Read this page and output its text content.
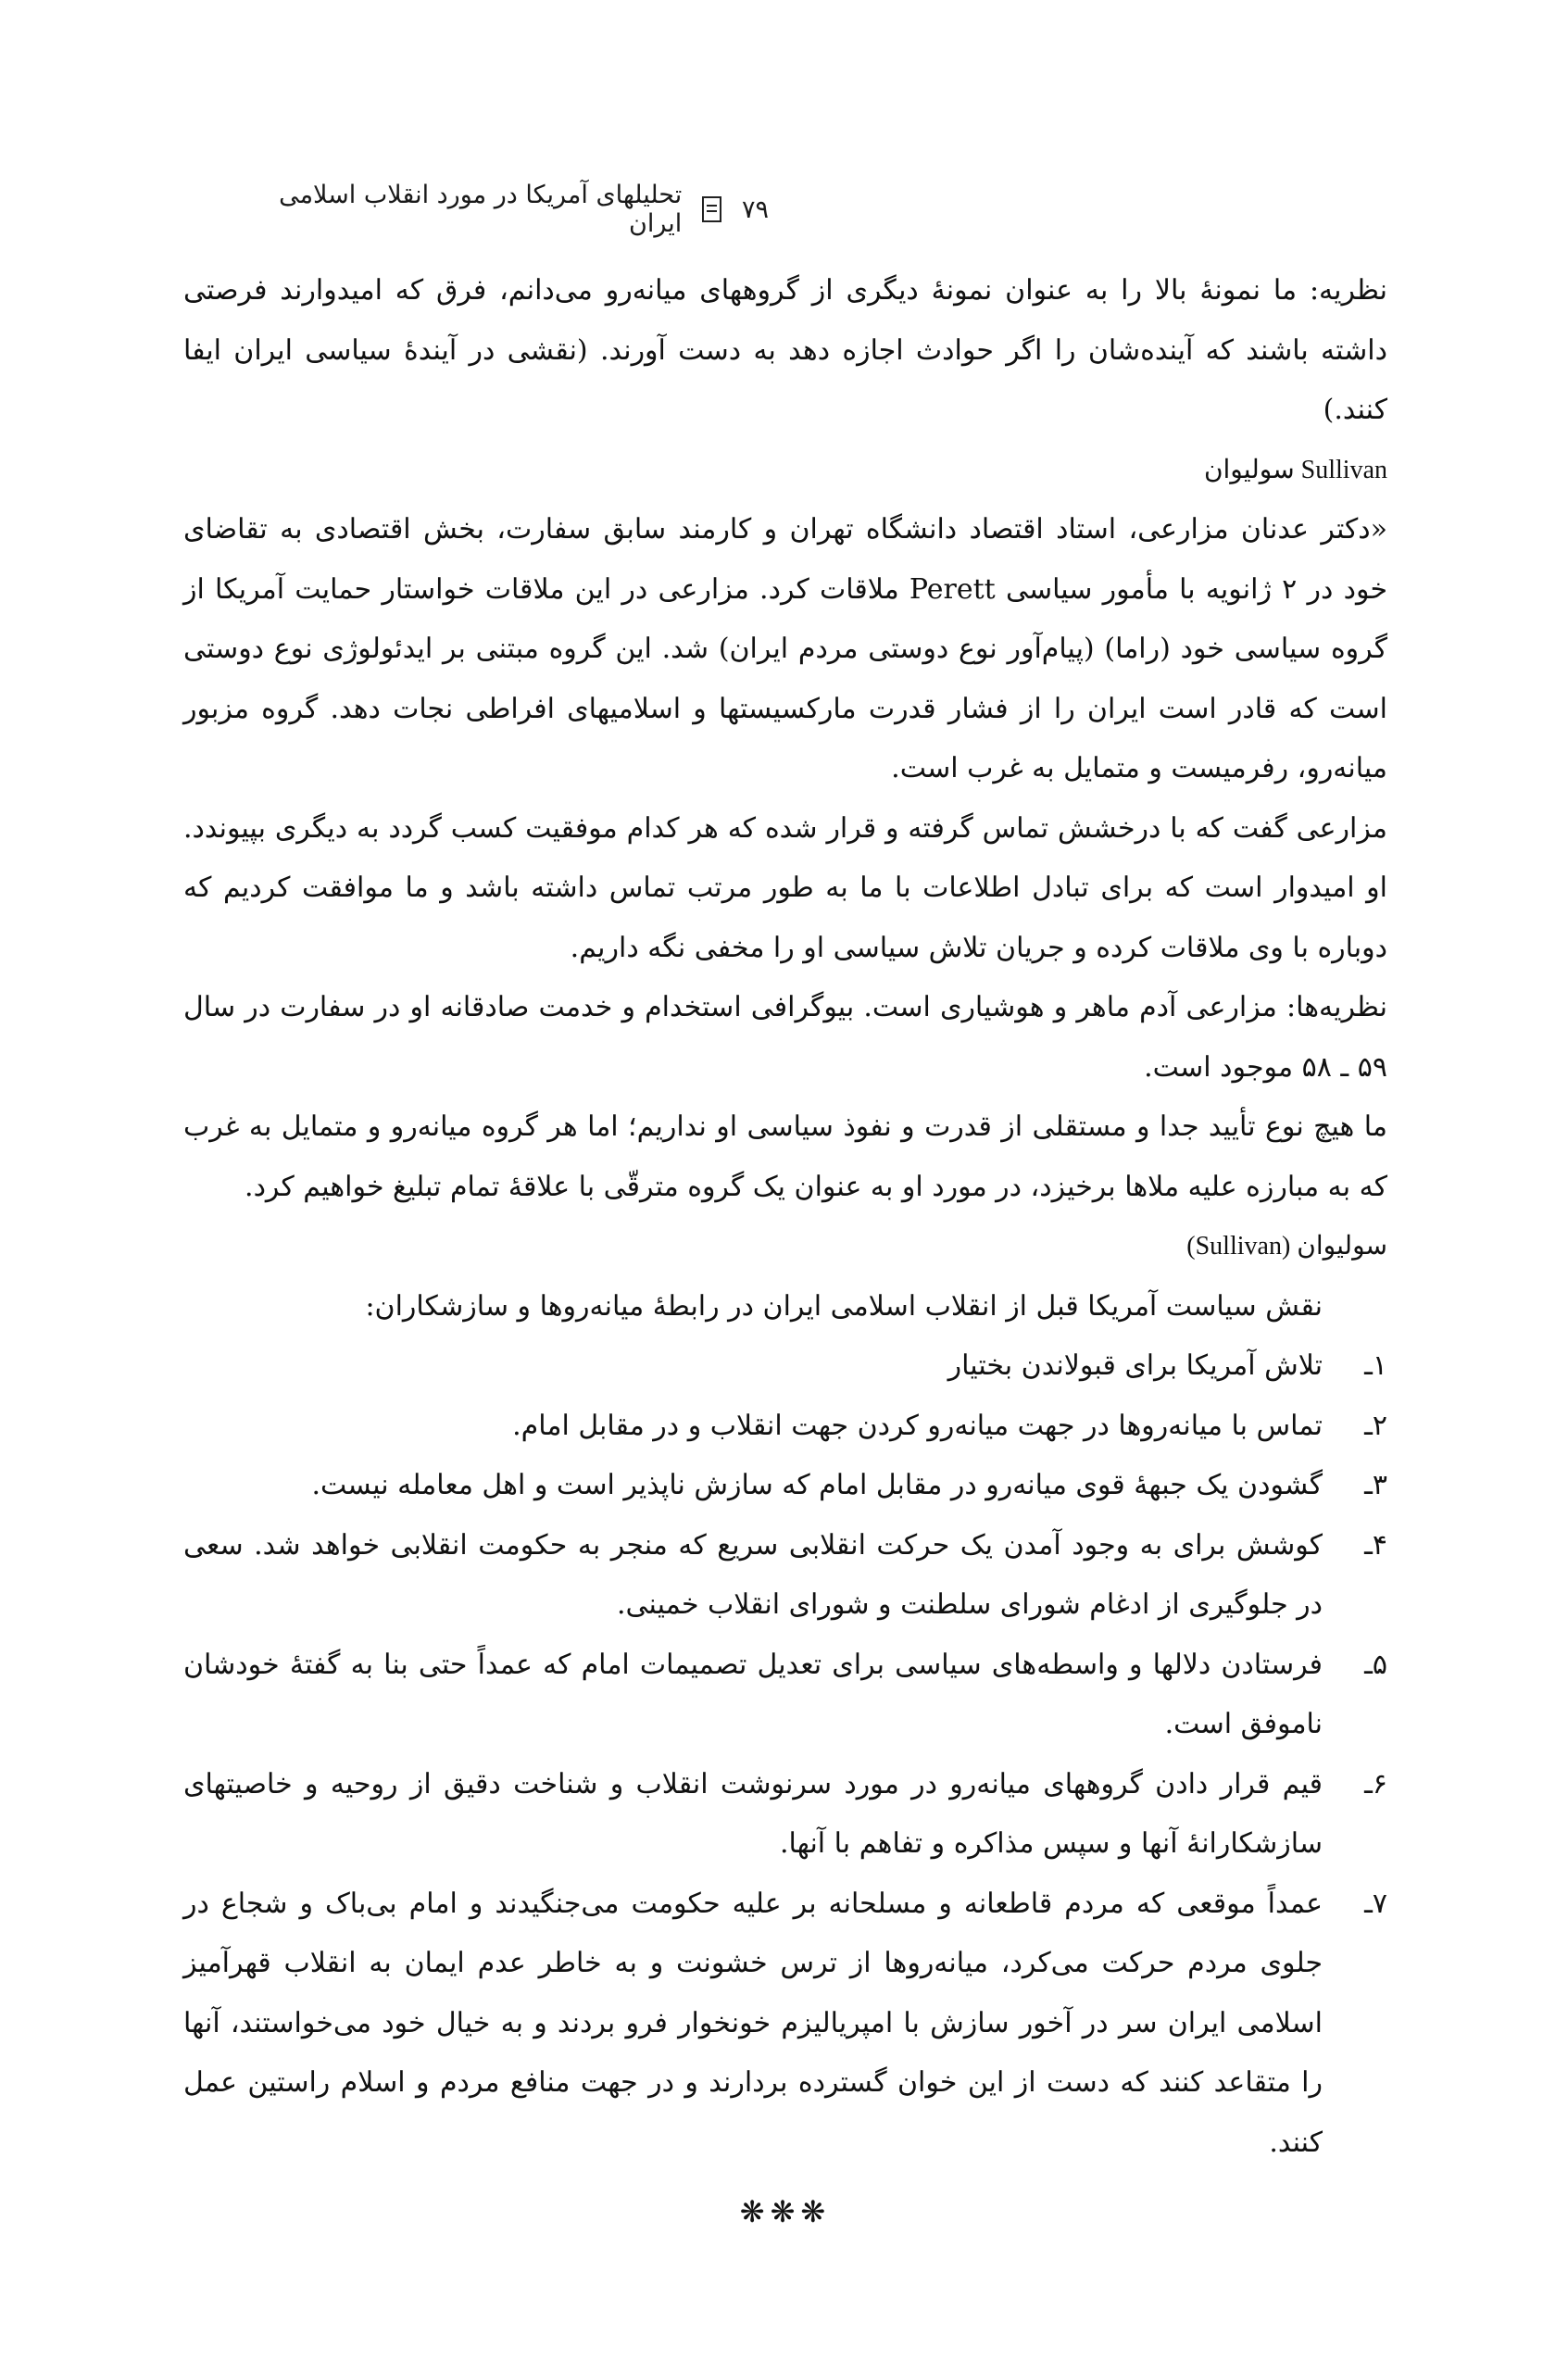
تحلیلهای آمریکا در مورد انقلاب اسلامی ایران ۷۹

نظریه: ما نمونهٔ بالا را به عنوان نمونهٔ دیگری از گروههای میانه‌رو می‌دانم، فرق که امیدوارند فرصتی داشته باشند که آینده‌شان را اگر حوادث اجازه دهد به دست آورند. (نقشی در آیندهٔ سیاسی ایران ایفا کنند.)

Sullivan سولیوان

«دکتر عدنان مزارعی، استاد اقتصاد دانشگاه تهران و کارمند سابق سفارت، بخش اقتصادی به تقاضای خود در ۲ ژانویه با مأمور سیاسی Perett ملاقات کرد. مزارعی در این ملاقات خواستار حمایت آمریکا از گروه سیاسی خود (راما) (پیام‌آور نوع دوستی مردم ایران) شد. این گروه مبتنی بر ایدئولوژی نوع دوستی است که قادر است ایران را از فشار قدرت مارکسیستها و اسلامیهای افراطی نجات دهد. گروه مزبور میانه‌رو، رفرمیست و متمایل به غرب است.

مزارعی گفت که با درخشش تماس گرفته و قرار شده که هر کدام موفقیت کسب گردد به دیگری بپیوندد. او امیدوار است که برای تبادل اطلاعات با ما به طور مرتب تماس داشته باشد و ما موافقت کردیم که دوباره با وی ملاقات کرده و جریان تلاش سیاسی او را مخفی نگه داریم.

نظریه‌ها: مزارعی آدم ماهر و هوشیاری است. بیوگرافی استخدام و خدمت صادقانه او در سفارت در سال ۵۹ ـ ۵۸ موجود است.

ما هیچ نوع تأیید جدا و مستقلی از قدرت و نفوذ سیاسی او نداریم؛ اما هر گروه میانه‌رو و متمایل به غرب که به مبارزه علیه ملاها برخیزد، در مورد او به عنوان یک گروه مترقّی با علاقهٔ تمام تبلیغ خواهیم کرد.

سولیوان (Sullivan)

نقش سیاست آمریکا قبل از انقلاب اسلامی ایران در رابطهٔ میانه‌روها و سازشکاران:

۱ـ
تلاش آمریکا برای قبولاندن بختیار
۲ـ
تماس با میانه‌روها در جهت میانه‌رو کردن جهت انقلاب و در مقابل امام.
۳ـ
گشودن یک جبههٔ قوی میانه‌رو در مقابل امام که سازش ناپذیر است و اهل معامله نیست.
۴ـ
کوشش برای به وجود آمدن یک حرکت انقلابی سریع که منجر به حکومت انقلابی خواهد شد. سعی در جلوگیری از ادغام شورای سلطنت و شورای انقلاب خمینی.
۵ـ
فرستادن دلالها و واسطه‌های سیاسی برای تعدیل تصمیمات امام که عمداً حتی بنا به گفتهٔ خودشان ناموفق است.
۶ـ
قیم قرار دادن گروههای میانه‌رو در مورد سرنوشت انقلاب و شناخت دقیق از روحیه و خاصیتهای سازشکارانهٔ آنها و سپس مذاکره و تفاهم با آنها.
۷ـ
عمداً موقعی که مردم قاطعانه و مسلحانه بر علیه حکومت می‌جنگیدند و امام بی‌باک و شجاع در جلوی مردم حرکت می‌کرد، میانه‌روها از ترس خشونت و به خاطر عدم ایمان به انقلاب قهرآمیز اسلامی ایران سر در آخور سازش با امپریالیزم خونخوار فرو بردند و به خیال خود می‌خواستند، آنها را متقاعد کنند که دست از این خوان گسترده بردارند و در جهت منافع مردم و اسلام راستین عمل کنند.
❋❋❋
